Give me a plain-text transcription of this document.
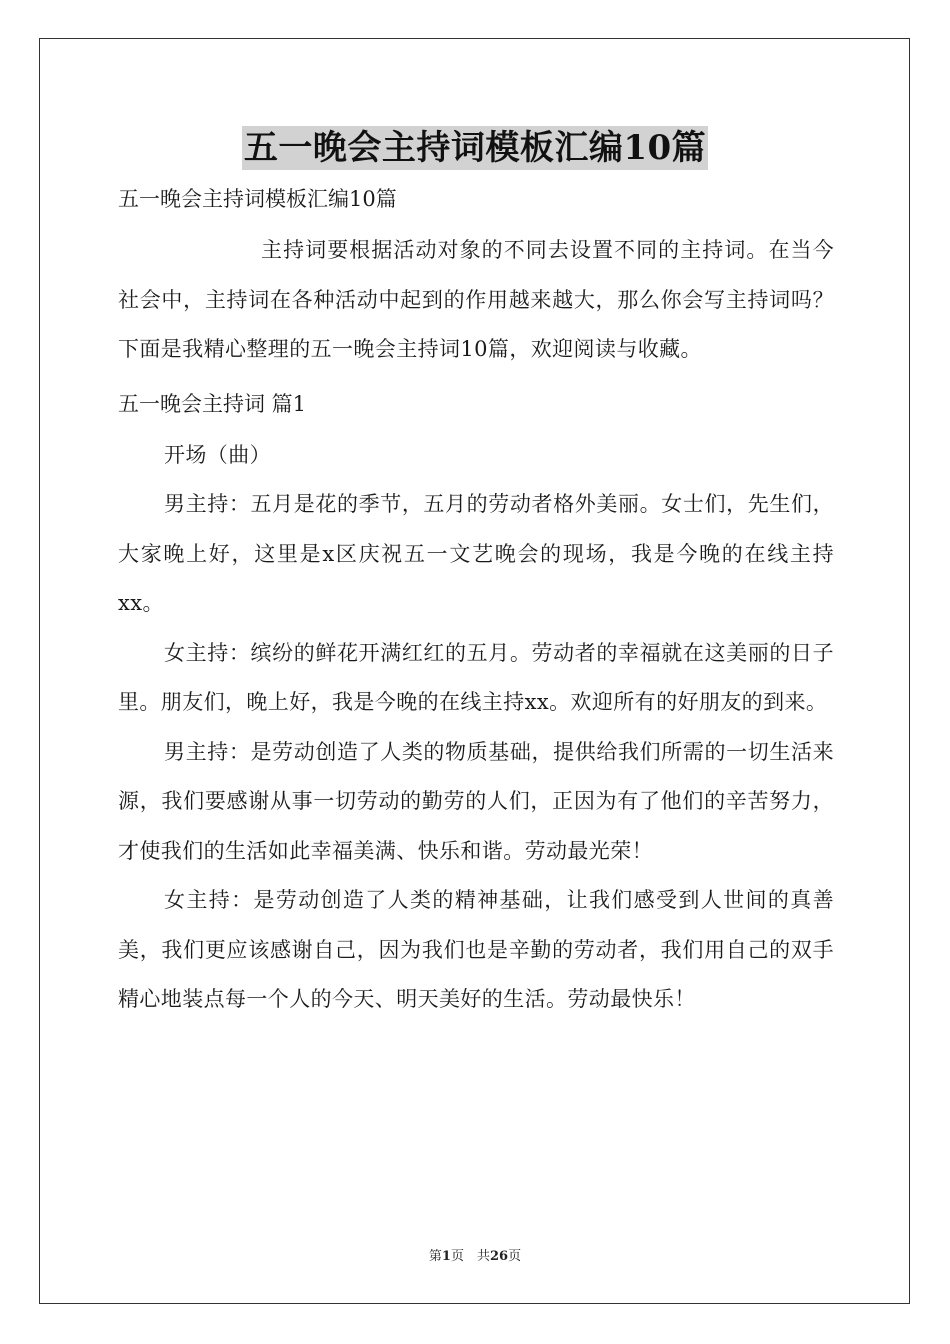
五一晚会主持词模板汇编10篇

五一晚会主持词模板汇编10篇

主持词要根据活动对象的不同去设置不同的主持词。在当今社会中，主持词在各种活动中起到的作用越来越大，那么你会写主持词吗？下面是我精心整理的五一晚会主持词10篇，欢迎阅读与收藏。

五一晚会主持词 篇1

开场（曲）

男主持：五月是花的季节，五月的劳动者格外美丽。女士们，先生们，大家晚上好，这里是x区庆祝五一文艺晚会的现场，我是今晚的在线主持xx。

女主持：缤纷的鲜花开满红红的五月。劳动者的幸福就在这美丽的日子里。朋友们，晚上好，我是今晚的在线主持xx。欢迎所有的好朋友的到来。

男主持：是劳动创造了人类的物质基础，提供给我们所需的一切生活来源，我们要感谢从事一切劳动的勤劳的人们，正因为有了他们的辛苦努力，才使我们的生活如此幸福美满、快乐和谐。劳动最光荣！

女主持：是劳动创造了人类的精神基础，让我们感受到人世间的真善美，我们更应该感谢自己，因为我们也是辛勤的劳动者，我们用自己的双手精心地装点每一个人的今天、明天美好的生活。劳动最快乐！

第1页　共26页
